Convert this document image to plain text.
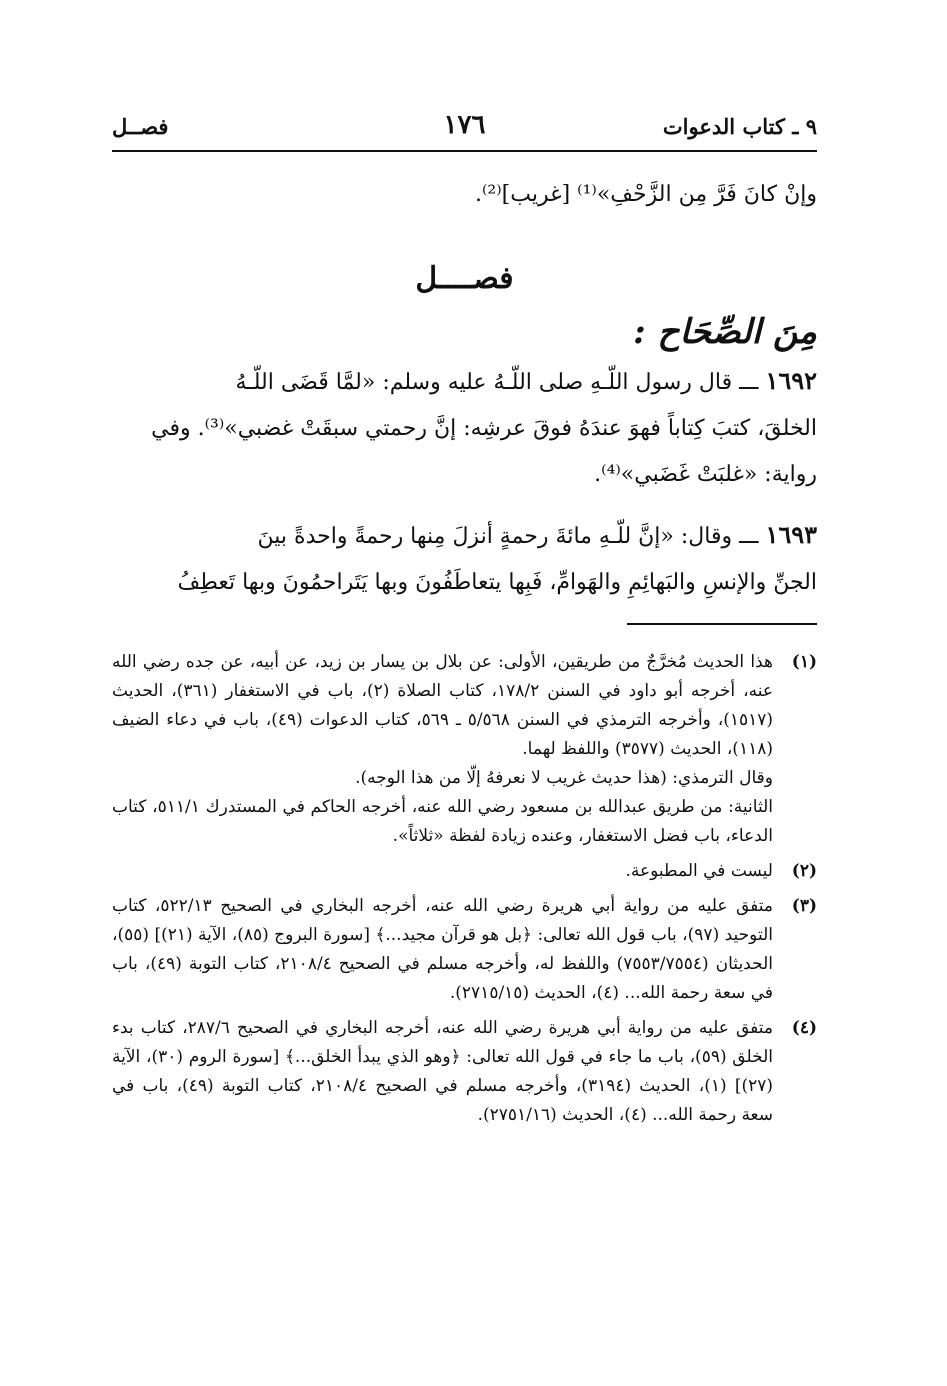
٩ ـ كتاب الدعوات
١٧٦
فصــل

وإنْ كانَ فَرَّ مِن الزَّحْفِ»⁽¹⁾ [غريب]⁽²⁾.

فصــــل
مِنَ الصِّحَاح :

١٦٩٢ ـــ قال رسول اللّـهِ صلى اللّـهُ عليه وسلم: «لمَّا قَضَى اللّـهُ

الخلقَ، كتبَ كِتاباً فهوَ عندَهُ فوقَ عرشِه: إنَّ رحمتي سبقَتْ غضبي»⁽³⁾. وفي

رواية: «غلبَتْ غَضَبي»⁽⁴⁾.

١٦٩٣ ـــ وقال: «إنَّ للّـهِ مائةَ رحمةٍ أنزلَ مِنها رحمةً واحدةً بينَ

الجنِّ والإنسِ والبَهائِمِ والهَوامِّ، فَبِها يتعاطَفُونَ وبها يَتَراحمُونَ وبها تَعطِفُ

(١)

هذا الحديث مُخرَّجٌ من طريقين، الأولى: عن بلال بن يسار بن زيد، عن أبيه، عن جده رضي الله عنه، أخرجه أبو داود في السنن ١٧٨/٢، كتاب الصلاة (٢)، باب في الاستغفار (٣٦١)، الحديث (١٥١٧)، وأخرجه الترمذي في السنن ٥/٥٦٨ ـ ٥٦٩، كتاب الدعوات (٤٩)، باب في دعاء الضيف (١١٨)، الحديث (٣٥٧٧) واللفظ لهما.

وقال الترمذي: (هذا حديث غريب لا نعرفهُ إلّا من هذا الوجه).

الثانية: من طريق عبدالله بن مسعود رضي الله عنه، أخرجه الحاكم في المستدرك ٥١١/١، كتاب الدعاء، باب فضل الاستغفار، وعنده زيادة لفظة «ثلاثاً».

(٢)

ليست في المطبوعة.

(٣)

متفق عليه من رواية أبي هريرة رضي الله عنه، أخرجه البخاري في الصحيح ٥٢٢/١٣، كتاب التوحيد (٩٧)، باب قول الله تعالى: ﴿بل هو قرآن مجيد...﴾ [سورة البروج (٨٥)، الآية (٢١)] (٥٥)، الحديثان (٧٥٥٣/٧٥٥٤) واللفظ له، وأخرجه مسلم في الصحيح ٢١٠٨/٤، كتاب التوبة (٤٩)، باب في سعة رحمة الله... (٤)، الحديث (٢٧١٥/١٥).

(٤)

متفق عليه من رواية أبي هريرة رضي الله عنه، أخرجه البخاري في الصحيح ٢٨٧/٦، كتاب بدء الخلق (٥٩)، باب ما جاء في قول الله تعالى: ﴿وهو الذي يبدأ الخلق...﴾ [سورة الروم (٣٠)، الآية (٢٧)] (١)، الحديث (٣١٩٤)، وأخرجه مسلم في الصحيح ٢١٠٨/٤، كتاب التوبة (٤٩)، باب في سعة رحمة الله... (٤)، الحديث (٢٧٥١/١٦).
